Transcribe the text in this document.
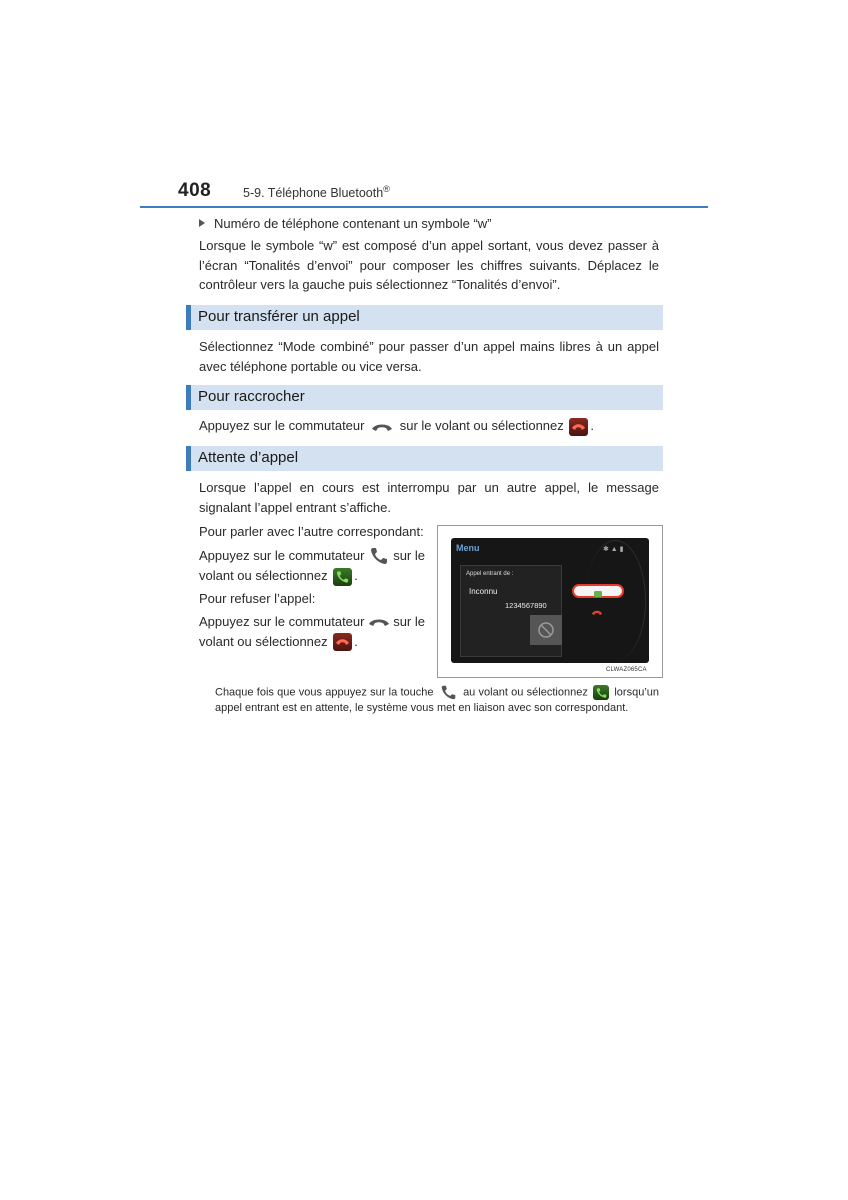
408	5-9. Téléphone Bluetooth®
Numéro de téléphone contenant un symbole “w”
Lorsque le symbole “w” est composé d’un appel sortant, vous devez passer à l’écran “Tonalités d’envoi” pour composer les chiffres suivants. Déplacez le contrôleur vers la gauche puis sélectionnez “Tonalités d’envoi”.
Pour transférer un appel
Sélectionnez “Mode combiné” pour passer d’un appel mains libres à un appel avec téléphone portable ou vice versa.
Pour raccrocher
Appuyez sur le commutateur	sur le volant ou sélectionnez .
Attente d’appel
Lorsque l’appel en cours est interrompu par un autre appel, le message signalant l’appel entrant s’affiche.
Pour parler avec l’autre correspondant:
Appuyez sur le commutateur sur le
volant ou sélectionnez .
Pour refuser l’appel:
Appuyez sur le commutateur sur le
volant ou sélectionnez .
Menu	✱ ▲ ▮
Appel entrant de :
Inconnu
1234567890
CLWAZ065CA
Chaque fois que vous appuyez sur la touche	au volant ou sélectionnez lorsqu’un appel entrant est en attente, le système vous met en liaison avec son correspondant.
